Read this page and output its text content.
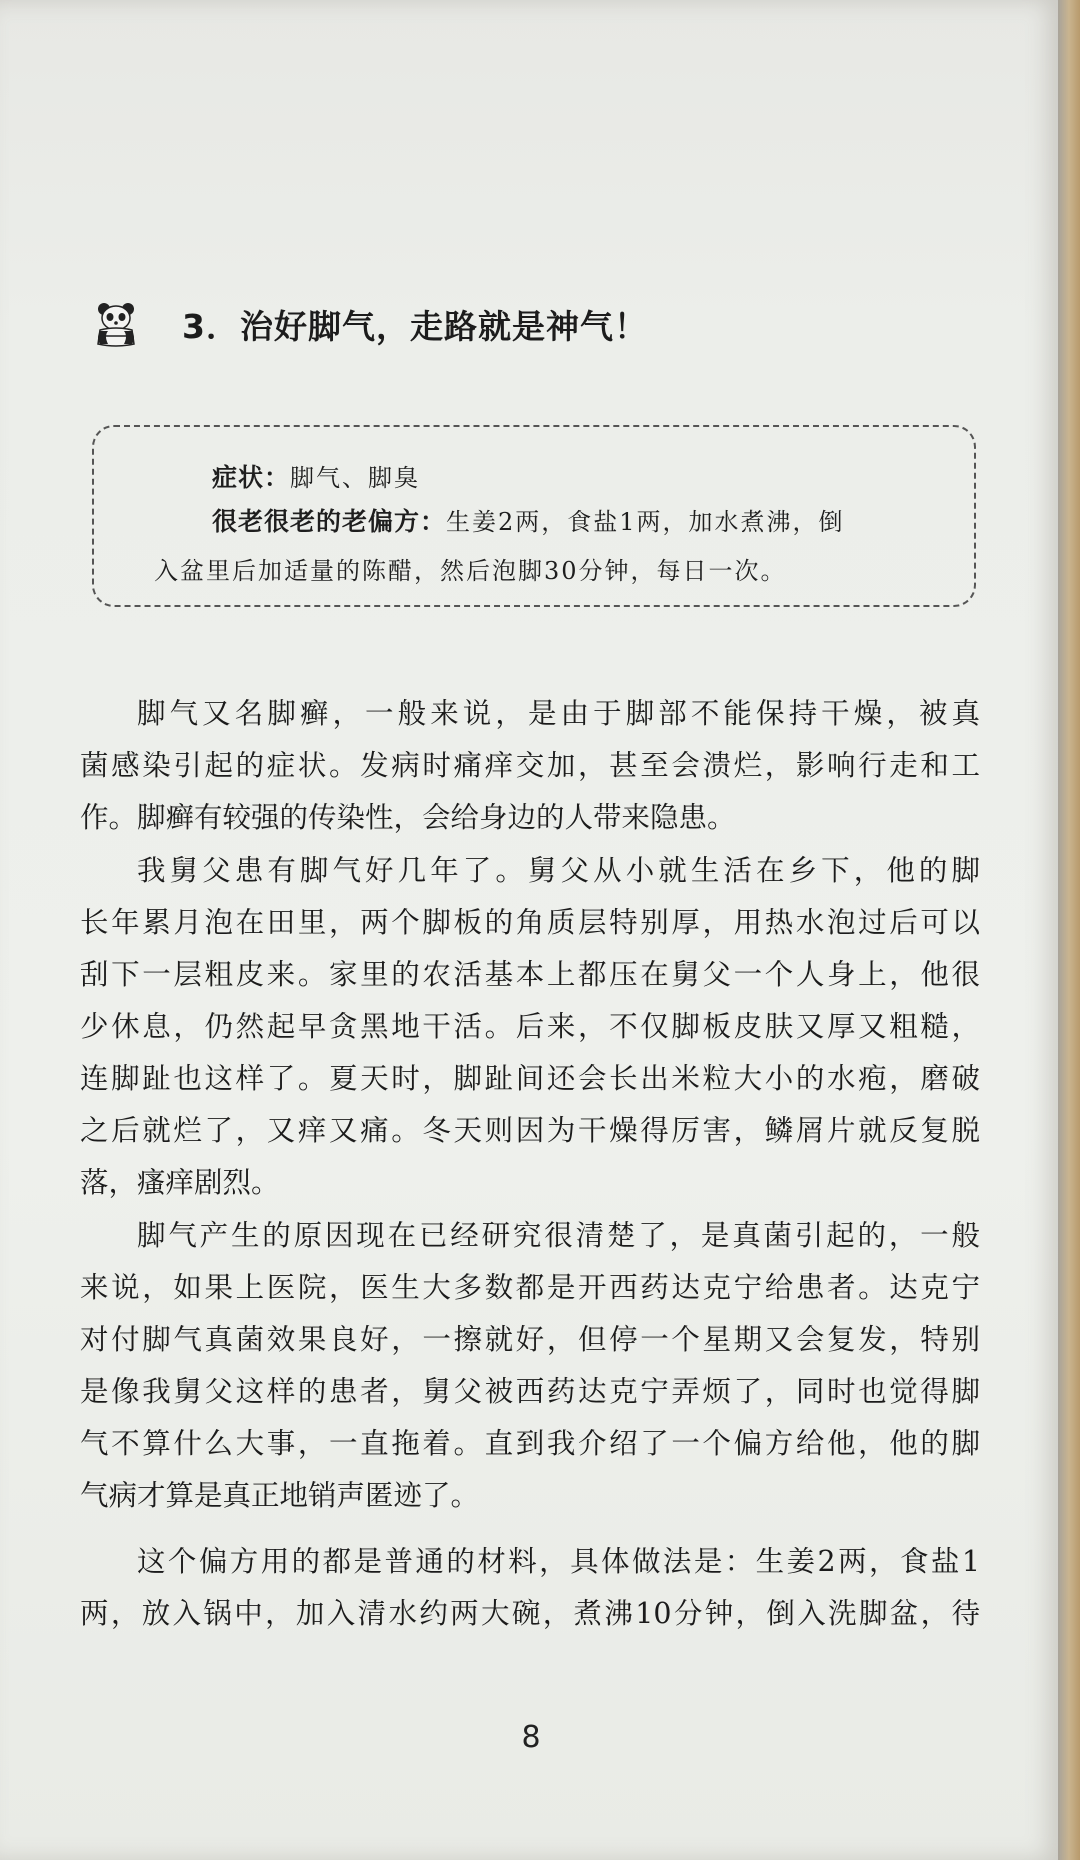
3．治好脚气，走路就是神气！
症状：脚气、脚臭
很老很老的老偏方：生姜2两，食盐1两，加水煮沸，倒
入盆里后加适量的陈醋，然后泡脚30分钟，每日一次。
脚气又名脚癣，一般来说，是由于脚部不能保持干燥，被真
菌感染引起的症状。发病时痛痒交加，甚至会溃烂，影响行走和工
作。脚癣有较强的传染性，会给身边的人带来隐患。
我舅父患有脚气好几年了。舅父从小就生活在乡下，他的脚
长年累月泡在田里，两个脚板的角质层特别厚，用热水泡过后可以
刮下一层粗皮来。家里的农活基本上都压在舅父一个人身上，他很
少休息，仍然起早贪黑地干活。后来，不仅脚板皮肤又厚又粗糙，
连脚趾也这样了。夏天时，脚趾间还会长出米粒大小的水疱，磨破
之后就烂了，又痒又痛。冬天则因为干燥得厉害，鳞屑片就反复脱
落，瘙痒剧烈。
脚气产生的原因现在已经研究很清楚了，是真菌引起的，一般
来说，如果上医院，医生大多数都是开西药达克宁给患者。达克宁
对付脚气真菌效果良好，一擦就好，但停一个星期又会复发，特别
是像我舅父这样的患者，舅父被西药达克宁弄烦了，同时也觉得脚
气不算什么大事，一直拖着。直到我介绍了一个偏方给他，他的脚
气病才算是真正地销声匿迹了。
这个偏方用的都是普通的材料，具体做法是：生姜2两，食盐1
两，放入锅中，加入清水约两大碗，煮沸10分钟，倒入洗脚盆，待
8
